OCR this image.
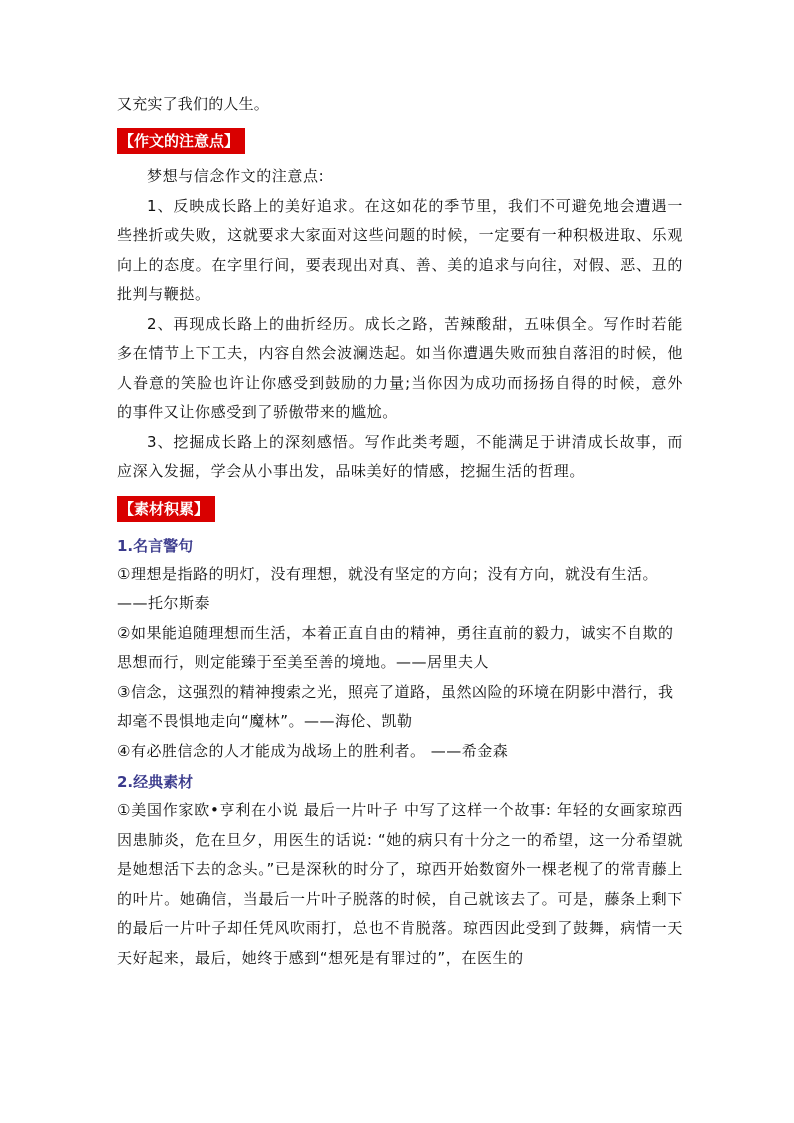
又充实了我们的人生。
【作文的注意点】
梦想与信念作文的注意点:
1、反映成长路上的美好追求。在这如花的季节里，我们不可避免地会遭遇一些挫折或失败，这就要求大家面对这些问题的时候，一定要有一种积极进取、乐观向上的态度。在字里行间，要表现出对真、善、美的追求与向往，对假、恶、丑的批判与鞭挞。
2、再现成长路上的曲折经历。成长之路，苦辣酸甜，五味俱全。写作时若能多在情节上下工夫，内容自然会波澜迭起。如当你遭遇失败而独自落泪的时候，他人眷意的笑脸也许让你感受到鼓励的力量;当你因为成功而扬扬自得的时候，意外的事件又让你感受到了骄傲带来的尴尬。
3、挖掘成长路上的深刻感悟。写作此类考题，不能满足于讲清成长故事，而应深入发掘，学会从小事出发，品味美好的情感，挖掘生活的哲理。
【素材积累】
1.名言警句
①理想是指路的明灯，没有理想，就没有坚定的方向；没有方向，就没有生活。——托尔斯泰
②如果能追随理想而生活，本着正直自由的精神，勇往直前的毅力，诚实不自欺的思想而行，则定能臻于至美至善的境地。——居里夫人
③信念，这强烈的精神搜索之光，照亮了道路，虽然凶险的环境在阴影中潜行，我却毫不畏惧地走向“魔林”。——海伦、凯勒
④有必胜信念的人才能成为战场上的胜利者。 ——希金森
2.经典素材
①美国作家欧•亨利在小说 最后一片叶子 中写了这样一个故事: 年轻的女画家琼西因患肺炎，危在旦夕，用医生的话说: “她的病只有十分之一的希望，这一分希望就是她想活下去的念头。”已是深秋的时分了，琼西开始数窗外一棵老枧了的常青藤上的叶片。她确信，当最后一片叶子脱落的时候，自己就该去了。可是，藤条上剩下的最后一片叶子却任凭风吹雨打，总也不肯脱落。琼西因此受到了鼓舞，病情一天天好起来，最后，她终于感到“想死是有罪过的”，在医生的
